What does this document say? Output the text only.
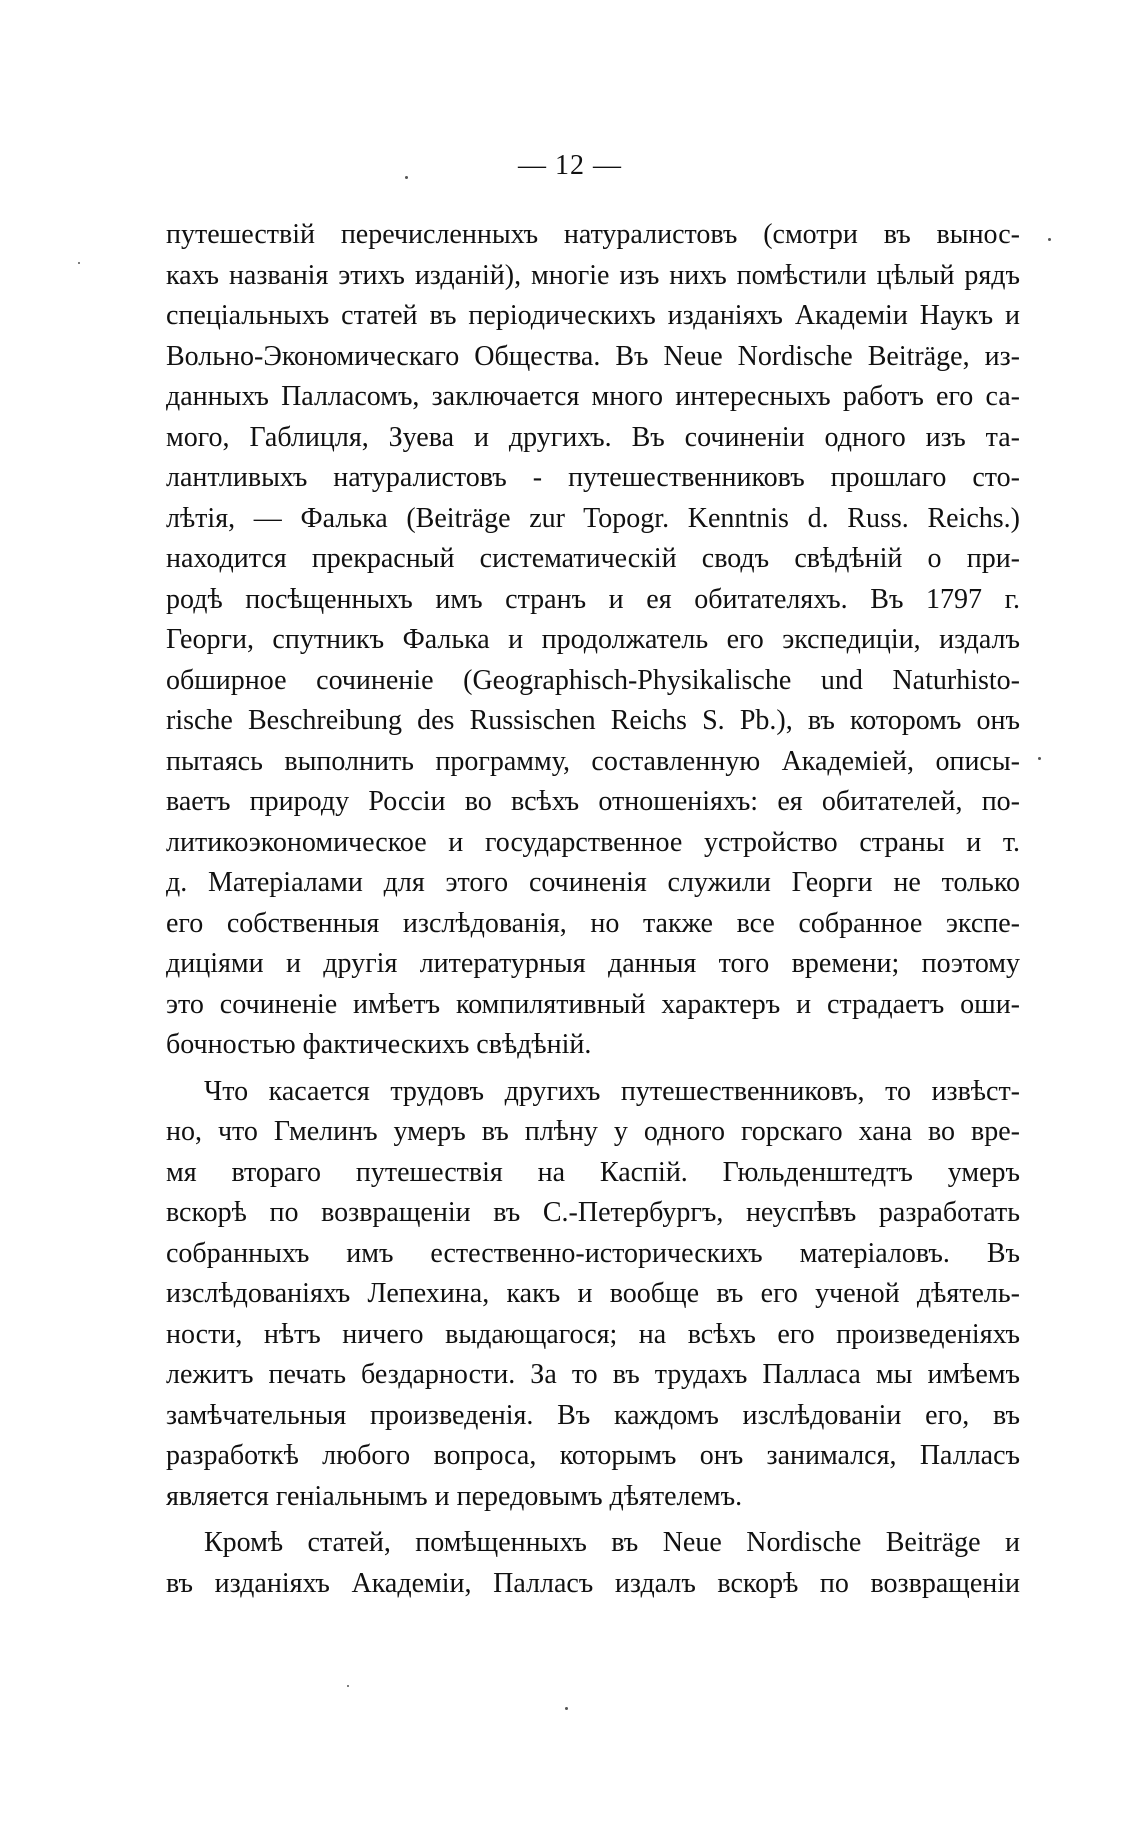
— 12 —
путешествій перечисленныхъ натуралистовъ (смотри въ вынос-
кахъ названія этихъ изданій), многіе изъ нихъ помѣстили цѣлый рядъ
спеціальныхъ статей въ періодическихъ изданіяхъ Академіи Наукъ и
Вольно-Экономическаго Общества. Въ Neue Nordische Beiträge, из-
данныхъ Палласомъ, заключается много интересныхъ работъ его са-
мого, Габлицля, Зуева и другихъ. Въ сочиненіи одного изъ та-
лантливыхъ натуралистовъ - путешественниковъ прошлаго сто-
лѣтія, — Фалька (Beiträge zur Topogr. Kenntnis d. Russ. Reichs.)
находится прекрасный систематическій сводъ свѣдѣній о при-
родѣ посѣщенныхъ имъ странъ и ея обитателяхъ. Въ 1797 г.
Георги, спутникъ Фалька и продолжатель его экспедиціи, издалъ
обширное сочиненіе (Geographisch-Physikalische und Naturhisto-
rische Beschreibung des Russischen Reichs S. Pb.), въ которомъ онъ
пытаясь выполнить программу, составленную Академіей, описы-
ваетъ природу Россіи во всѣхъ отношеніяхъ: ея обитателей, по-
литикоэкономическое и государственное устройство страны и т.
д. Матеріалами для этого сочиненія служили Георги не только
его собственныя изслѣдованія, но также все собранное экспе-
диціями и другія литературныя данныя того времени; поэтому
это сочиненіе имѣетъ компилятивный характеръ и страдаетъ оши-
бочностью фактическихъ свѣдѣній.
Что касается трудовъ другихъ путешественниковъ, то извѣст-
но, что Гмелинъ умеръ въ плѣну у одного горскаго хана во вре-
мя втораго путешествія на Каспій. Гюльденштедтъ умеръ
вскорѣ по возвращеніи въ С.-Петербургъ, неуспѣвъ разработать
собранныхъ имъ естественно-историческихъ матеріаловъ. Въ
изслѣдованіяхъ Лепехина, какъ и вообще въ его ученой дѣятель-
ности, нѣтъ ничего выдающагося; на всѣхъ его произведеніяхъ
лежитъ печать бездарности. За то въ трудахъ Палласа мы имѣемъ
замѣчательныя произведенія. Въ каждомъ изслѣдованіи его, въ
разработкѣ любого вопроса, которымъ онъ занимался, Палласъ
является геніальнымъ и передовымъ дѣятелемъ.
Кромѣ статей, помѣщенныхъ въ Neue Nordische Beiträge и
въ изданіяхъ Академіи, Палласъ издалъ вскорѣ по возвращеніи
